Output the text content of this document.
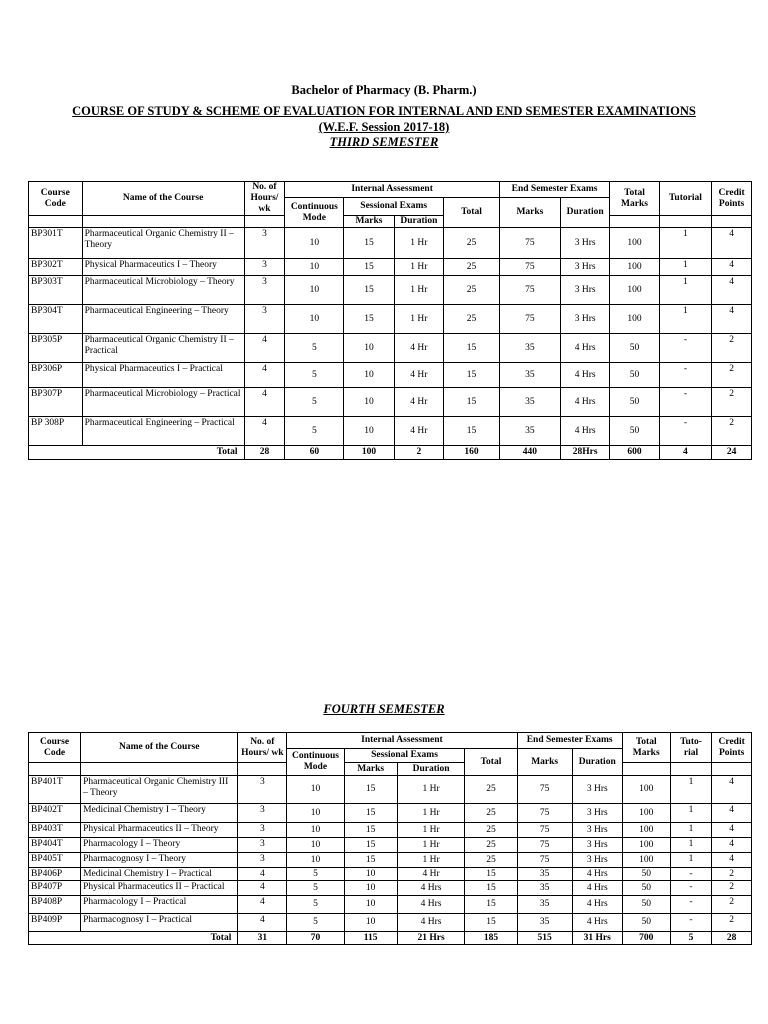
Bachelor of Pharmacy (B. Pharm.)
COURSE OF STUDY & SCHEME OF EVALUATION FOR INTERNAL AND END SEMESTER EXAMINATIONS
(W.E.F. Session 2017-18)
THIRD SEMESTER
Course Code	Name of the Course	No. of Hours/ wk	Internal Assessment				End Semester Exams		Total Marks	Tutorial	Credit Points
			Continuous Mode	Sessional Exams		Total	Marks	Duration			
				Marks	Duration						
BP301T	Pharmaceutical Organic Chemistry II – Theory	3	10	15	1 Hr	25	75	3 Hrs	100	1	4
BP302T	Physical Pharmaceutics I – Theory	3	10	15	1 Hr	25	75	3 Hrs	100	1	4
BP303T	Pharmaceutical Microbiology – Theory	3	10	15	1 Hr	25	75	3 Hrs	100	1	4
BP304T	Pharmaceutical Engineering – Theory	3	10	15	1 Hr	25	75	3 Hrs	100	1	4
BP305P	Pharmaceutical Organic Chemistry II – Practical	4	5	10	4 Hr	15	35	4 Hrs	50	-	2
BP306P	Physical Pharmaceutics I – Practical	4	5	10	4 Hr	15	35	4 Hrs	50	-	2
BP307P	Pharmaceutical Microbiology – Practical	4	5	10	4 Hr	15	35	4 Hrs	50	-	2
BP 308P	Pharmaceutical Engineering – Practical	4	5	10	4 Hr	15	35	4 Hrs	50	-	2
Total		28	60	100	2	160	440	28Hrs	600	4	24
FOURTH SEMESTER
Course Code	Name of the Course	No. of Hours/ wk	Internal Assessment				End Semester Exams		Total Marks	Tuto- rial	Credit Points
			Continuous Mode	Sessional Exams		Total	Marks	Duration			
				Marks	Duration						
BP401T	Pharmaceutical Organic Chemistry III – Theory	3	10	15	1 Hr	25	75	3 Hrs	100	1	4
BP402T	Medicinal Chemistry I – Theory	3	10	15	1 Hr	25	75	3 Hrs	100	1	4
BP403T	Physical Pharmaceutics II – Theory	3	10	15	1 Hr	25	75	3 Hrs	100	1	4
BP404T	Pharmacology I – Theory	3	10	15	1 Hr	25	75	3 Hrs	100	1	4
BP405T	Pharmacognosy I – Theory	3	10	15	1 Hr	25	75	3 Hrs	100	1	4
BP406P	Medicinal Chemistry I – Practical	4	5	10	4 Hr	15	35	4 Hrs	50	-	2
BP407P	Physical Pharmaceutics II – Practical	4	5	10	4 Hrs	15	35	4 Hrs	50	-	2
BP408P	Pharmacology I – Practical	4	5	10	4 Hrs	15	35	4 Hrs	50	-	2
BP409P	Pharmacognosy I – Practical	4	5	10	4 Hrs	15	35	4 Hrs	50	-	2
Total		31	70	115	21 Hrs	185	515	31 Hrs	700	5	28
